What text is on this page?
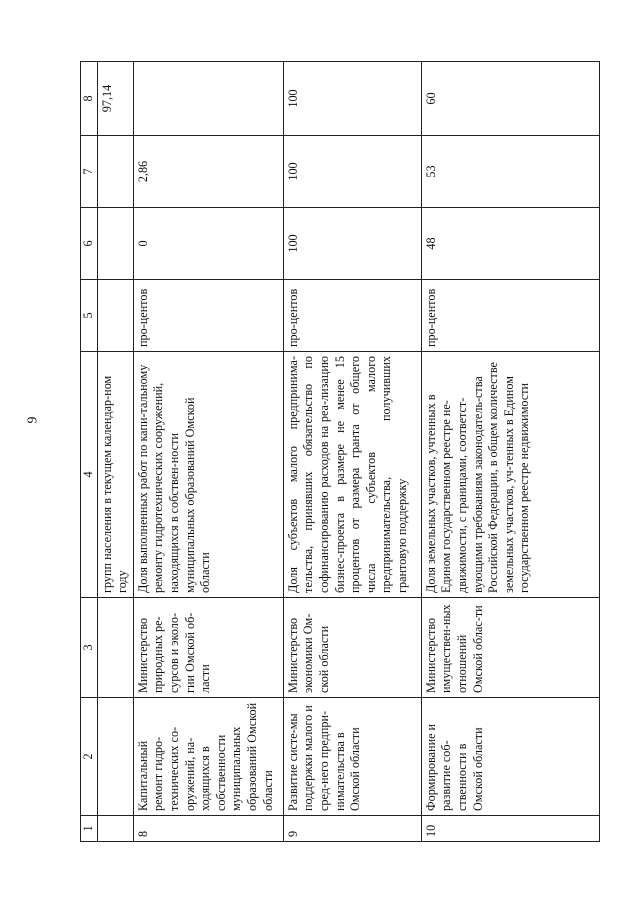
9
1	2	3	4	5	6	7	8
			групп населения в текущем календар-ном году				97,14
8	Капитальный ремонт гидро-технических со-оружений, на-ходящихся в собственности муниципальных образований Омской области	Министерство природных ре-сурсов и эколо-гии Омской об-ласти	Доля выполненных работ по капи-тальному ремонту гидротехнических сооружений, находящихся в собствен-ности муниципальных образований Омской области	про-центов	0	2,86	
9	Развитие систе-мы поддержки малого и сред-него предпри-нимательства в Омской области	Министерство экономики Ом-ской области	Доля субъектов малого предпринима-тельства, принявших обязательство по софинансированию расходов на реа-лизацию бизнес-проекта в размере не менее 15 процентов от размера гранта от общего числа субъектов малого предпринимательства, получивших грантовую поддержку	про-центов	100	100	100
10	Формирование и развитие соб-ственности в Омской области	Министерство имуществен-ных отношений Омской облас-ти	Доля земельных участков, учтенных в Едином государственном реестре не-движимости, с границами, соответст-вующими требованиям законодатель-ства Российской Федерации, в общем количестве земельных участков, уч-тенных в Едином государственном реестре недвижимости	про-центов	48	53	60
